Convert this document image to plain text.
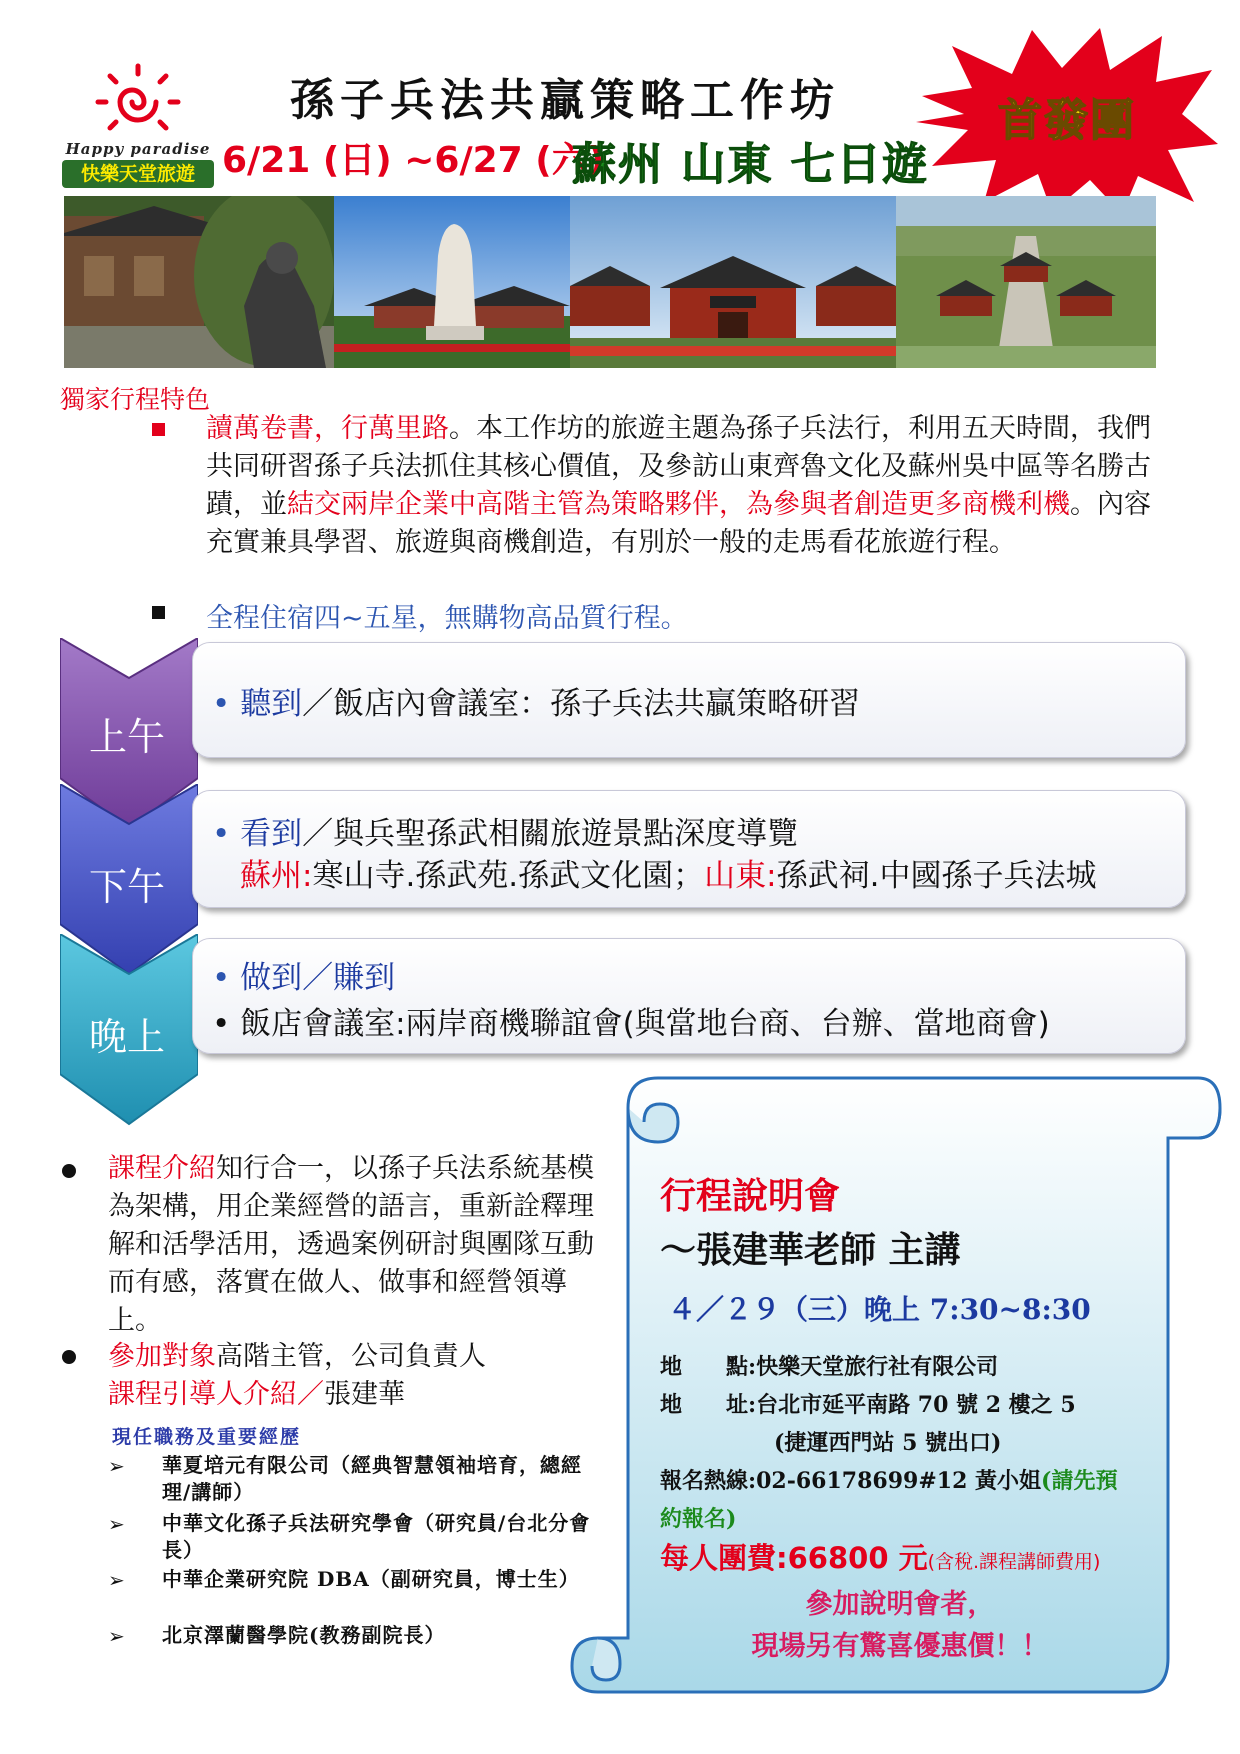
Happy paradise
快樂天堂旅遊
孫子兵法共贏策略工作坊
6/21 (日) ~6/27 (六)
蘇州 山東 七日遊
首發團
獨家行程特色
讀萬卷書，行萬里路。本工作坊的旅遊主題為孫子兵法行，利用五天時間，我們共同研習孫子兵法抓住其核心價值，及參訪山東齊魯文化及蘇州吳中區等名勝古蹟，並結交兩岸企業中高階主管為策略夥伴，為參與者創造更多商機利機。內容充實兼具學習、旅遊與商機創造，有別於一般的走馬看花旅遊行程。
全程住宿四~五星，無購物高品質行程。
上午
下午
晚上
• 聽到／飯店內會議室：孫子兵法共贏策略研習
• 看到／與兵聖孫武相關旅遊景點深度導覽
蘇州:寒山寺.孫武苑.孫武文化園；山東:孫武祠.中國孫子兵法城
• 做到／賺到
• 飯店會議室:兩岸商機聯誼會(與當地台商、台辦、當地商會)
課程介紹知行合一，以孫子兵法系統基模為架構，用企業經營的語言，重新詮釋理解和活學活用，透過案例研討與團隊互動而有感，落實在做人、做事和經營領導上。
參加對象高階主管，公司負責人
課程引導人介紹／張建華
現任職務及重要經歷
➢ 華夏培元有限公司（經典智慧領袖培育，總經理/講師）
➢ 中華文化孫子兵法研究學會（研究員/台北分會長）
➢ 中華企業研究院 DBA（副研究員，博士生）
➢ 北京澤蘭醫學院(教務副院長）
行程說明會
～張建華老師 主講
４／２９（三）晚上 7:30~8:30
地　　點:快樂天堂旅行社有限公司
地　　址:台北市延平南路 70 號 2 樓之 5
(捷運西門站 5 號出口)
報名熱線:02-66178699#12 黃小姐(請先預
約報名)
每人團費:66800 元(含稅.課程講師費用)
參加說明會者，
現場另有驚喜優惠價！！
